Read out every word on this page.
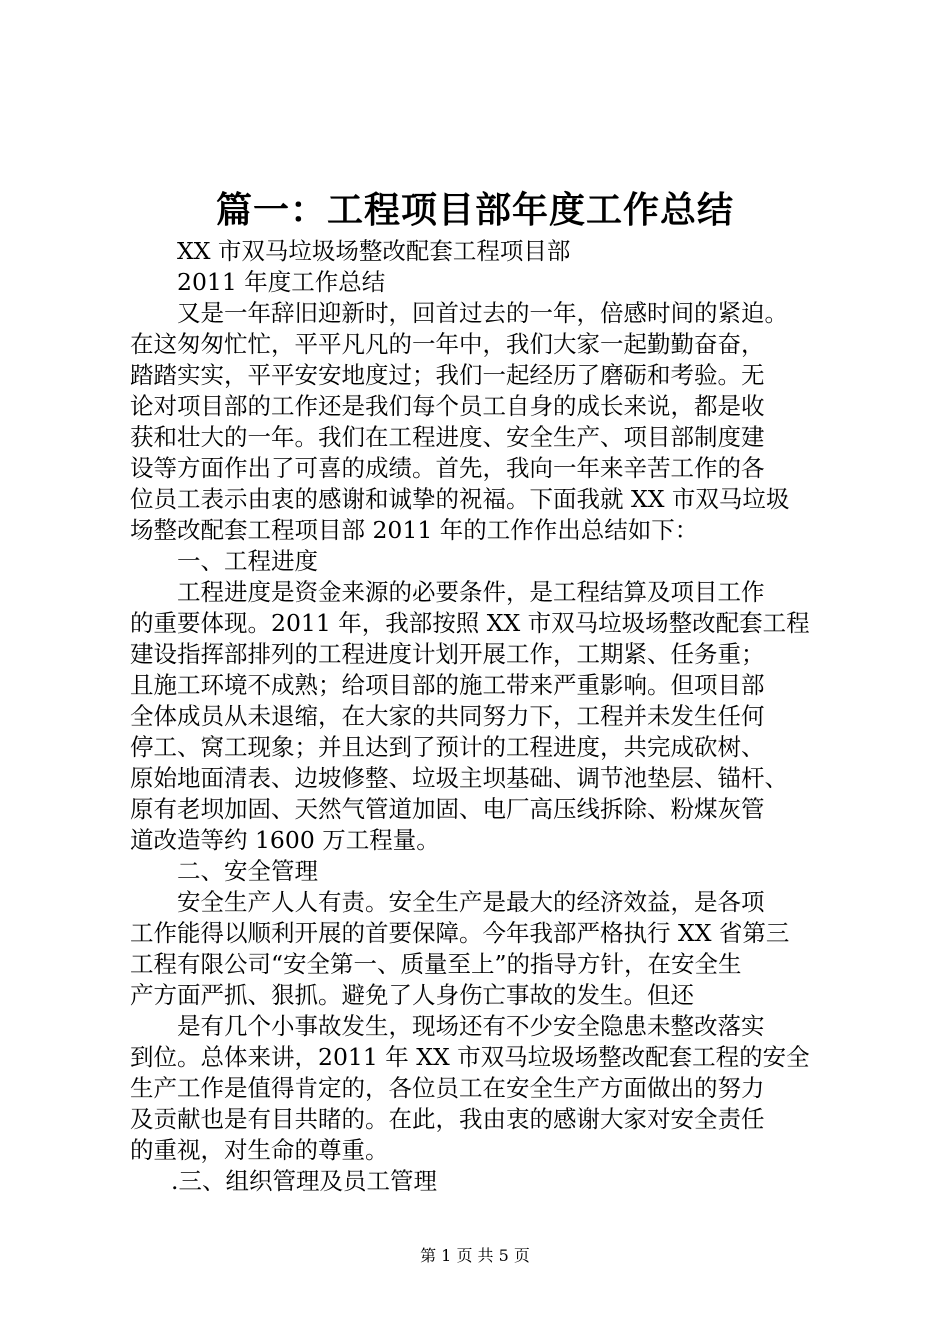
篇一：工程项目部年度工作总结
XX 市双马垃圾场整改配套工程项目部
2011 年度工作总结
又是一年辞旧迎新时，回首过去的一年，倍感时间的紧迫。
在这匆匆忙忙，平平凡凡的一年中，我们大家一起勤勤奋奋，
踏踏实实，平平安安地度过；我们一起经历了磨砺和考验。无
论对项目部的工作还是我们每个员工自身的成长来说，都是收
获和壮大的一年。我们在工程进度、安全生产、项目部制度建
设等方面作出了可喜的成绩。首先，我向一年来辛苦工作的各
位员工表示由衷的感谢和诚挚的祝福。下面我就 XX 市双马垃圾
场整改配套工程项目部 2011 年的工作作出总结如下：
一、工程进度
工程进度是资金来源的必要条件，是工程结算及项目工作
的重要体现。2011 年，我部按照 XX 市双马垃圾场整改配套工程
建设指挥部排列的工程进度计划开展工作，工期紧、任务重；
且施工环境不成熟；给项目部的施工带来严重影响。但项目部
全体成员从未退缩，在大家的共同努力下，工程并未发生任何
停工、窝工现象；并且达到了预计的工程进度，共完成砍树、
原始地面清表、边坡修整、垃圾主坝基础、调节池垫层、锚杆、
原有老坝加固、天然气管道加固、电厂高压线拆除、粉煤灰管
道改造等约 1600 万工程量。
二、安全管理
安全生产人人有责。安全生产是最大的经济效益，是各项
工作能得以顺利开展的首要保障。今年我部严格执行 XX 省第三
工程有限公司“安全第一、质量至上”的指导方针，在安全生
产方面严抓、狠抓。避免了人身伤亡事故的发生。但还
是有几个小事故发生，现场还有不少安全隐患未整改落实
到位。总体来讲，2011 年 XX 市双马垃圾场整改配套工程的安全
生产工作是值得肯定的，各位员工在安全生产方面做出的努力
及贡献也是有目共睹的。在此，我由衷的感谢大家对安全责任
的重视，对生命的尊重。
.三、组织管理及员工管理
第 1 页 共 5 页
